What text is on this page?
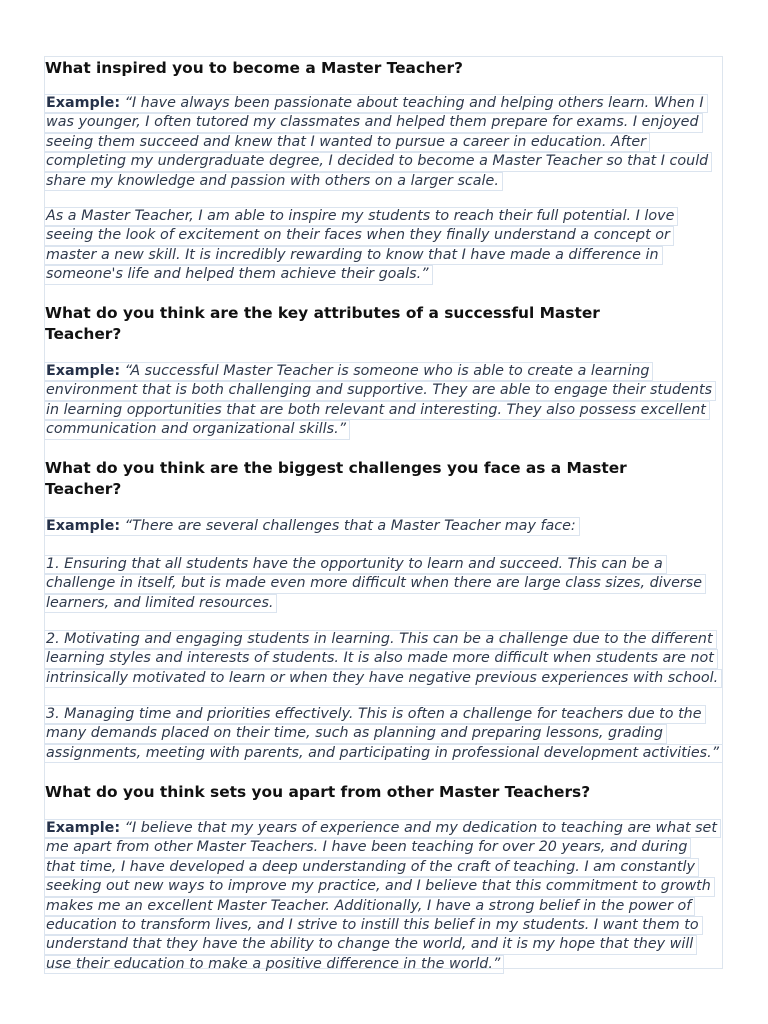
What inspired you to become a Master Teacher?

Example: “I have always been passionate about teaching and helping others learn. When I
was younger, I often tutored my classmates and helped them prepare for exams. I enjoyed
seeing them succeed and knew that I wanted to pursue a career in education. After
completing my undergraduate degree, I decided to become a Master Teacher so that I could
share my knowledge and passion with others on a larger scale.
As a Master Teacher, I am able to inspire my students to reach their full potential. I love
seeing the look of excitement on their faces when they finally understand a concept or
master a new skill. It is incredibly rewarding to know that I have made a difference in
someone's life and helped them achieve their goals.”

What do you think are the key attributes of a successful Master

Teacher?

Example: “A successful Master Teacher is someone who is able to create a learning
environment that is both challenging and supportive. They are able to engage their students
in learning opportunities that are both relevant and interesting. They also possess excellent
communication and organizational skills.”

What do you think are the biggest challenges you face as a Master

Teacher?

Example: “There are several challenges that a Master Teacher may face:
1. Ensuring that all students have the opportunity to learn and succeed. This can be a
challenge in itself, but is made even more difficult when there are large class sizes, diverse
learners, and limited resources.
2. Motivating and engaging students in learning. This can be a challenge due to the different
learning styles and interests of students. It is also made more difficult when students are not
intrinsically motivated to learn or when they have negative previous experiences with school.
3. Managing time and priorities effectively. This is often a challenge for teachers due to the
many demands placed on their time, such as planning and preparing lessons, grading
assignments, meeting with parents, and participating in professional development activities.”

What do you think sets you apart from other Master Teachers?

Example: “I believe that my years of experience and my dedication to teaching are what set
me apart from other Master Teachers. I have been teaching for over 20 years, and during
that time, I have developed a deep understanding of the craft of teaching. I am constantly
seeking out new ways to improve my practice, and I believe that this commitment to growth
makes me an excellent Master Teacher. Additionally, I have a strong belief in the power of
education to transform lives, and I strive to instill this belief in my students. I want them to
understand that they have the ability to change the world, and it is my hope that they will
use their education to make a positive difference in the world.”
